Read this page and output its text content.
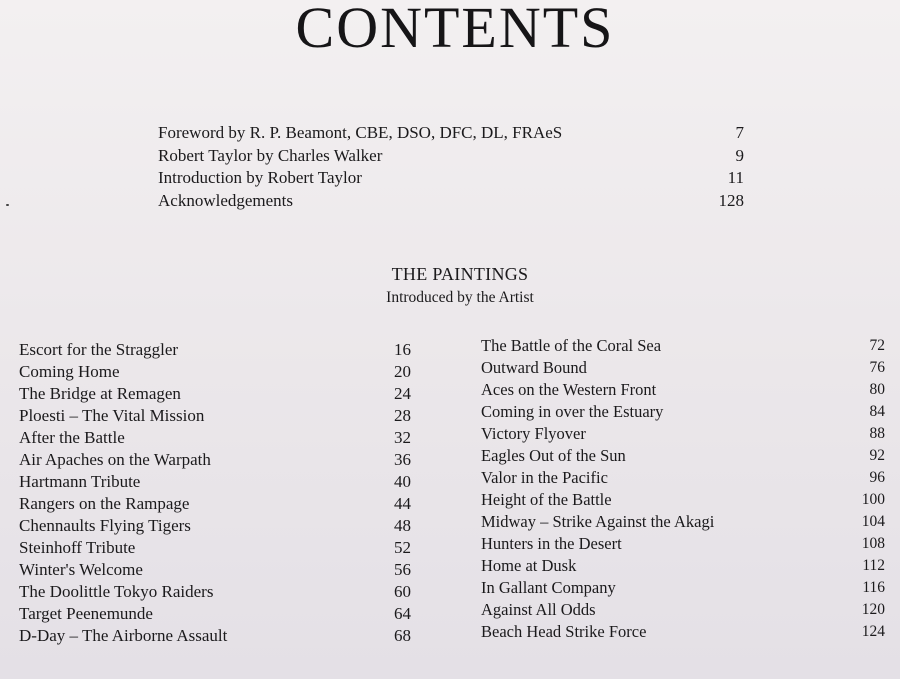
CONTENTS
Foreword by R. P. Beamont, CBE, DSO, DFC, DL, FRAeS	7
Robert Taylor by Charles Walker	9
Introduction by Robert Taylor	11
Acknowledgements	128
THE PAINTINGS
Introduced by the Artist
Escort for the Straggler	16
Coming Home	20
The Bridge at Remagen	24
Ploesti – The Vital Mission	28
After the Battle	32
Air Apaches on the Warpath	36
Hartmann Tribute	40
Rangers on the Rampage	44
Chennaults Flying Tigers	48
Steinhoff Tribute	52
Winter's Welcome	56
The Doolittle Tokyo Raiders	60
Target Peenemunde	64
D-Day – The Airborne Assault	68
The Battle of the Coral Sea	72
Outward Bound	76
Aces on the Western Front	80
Coming in over the Estuary	84
Victory Flyover	88
Eagles Out of the Sun	92
Valor in the Pacific	96
Height of the Battle	100
Midway – Strike Against the Akagi	104
Hunters in the Desert	108
Home at Dusk	112
In Gallant Company	116
Against All Odds	120
Beach Head Strike Force	124
